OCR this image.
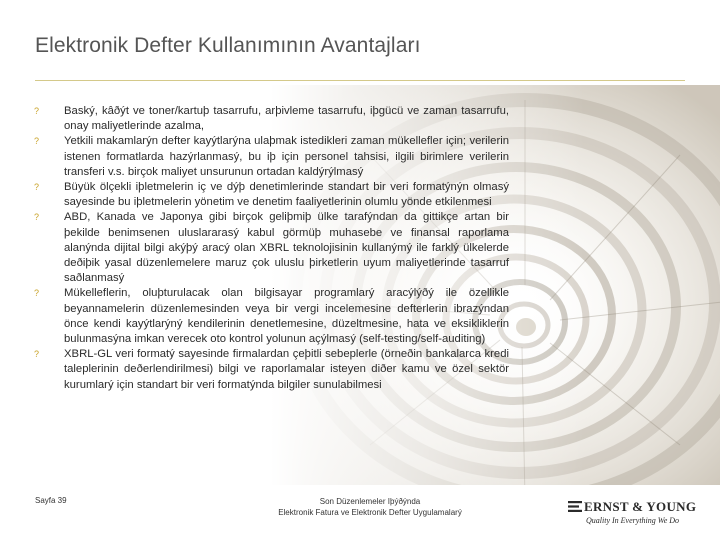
Elektronik Defter Kullanımının Avantajları
? Baský, kâðýt ve toner/kartuþ tasarrufu, arþivleme tasarrufu, iþgücü ve zaman tasarrufu, onay maliyetlerinde azalma,
? Yetkili makamlarýn defter kayýtlarýna ulaþmak istedikleri zaman mükellefler için; verilerin istenen formatlarda hazýrlanmasý, bu iþ için personel tahsisi, ilgili birimlere verilerin transferi v.s. birçok maliyet unsurunun ortadan kaldýrýlmasý
? Büyük ölçekli iþletmelerin iç ve dýþ denetimlerinde standart bir veri formatýnýn olmasý sayesinde bu iþletmelerin yönetim ve denetim faaliyetlerinin olumlu yönde etkilenmesi
? ABD, Kanada ve Japonya gibi birçok geliþmiþ ülke tarafýndan da gittikçe artan bir þekilde benimsenen uluslararasý kabul görmüþ muhasebe ve finansal raporlama alanýnda dijital bilgi akýþý aracý olan XBRL teknolojisinin kullanýmý ile farklý ülkelerde deðiþik yasal düzenlemelere maruz çok uluslu þirketlerin uyum maliyetlerinde tasarruf saðlanmasý
? Mükelleflerin, oluþturulacak olan bilgisayar programlarý aracýlýðý ile özellikle beyannamelerin düzenlemesinden veya bir vergi incelemesine defterlerin ibrazýndan önce kendi kayýtlarýný kendilerinin denetlemesine, düzeltmesine, hata ve eksikliklerin bulunmasýna imkan verecek oto kontrol yolunun açýlmasý (self-testing/self-auditing)
? XBRL-GL veri formatý sayesinde firmalardan çeþitli sebeplerle (örneðin bankalarca kredi taleplerinin deðerlendirilmesi) bilgi ve raporlamalar isteyen diðer kamu ve özel sektör kurumlarý için standart bir veri formatýnda bilgiler sunulabilmesi
Sayfa 39	Son Düzenlemeler Iþýðýnda
Elektronik Fatura ve Elektronik Defter Uygulamalarý	ERNST & YOUNG
Quality In Everything We Do
